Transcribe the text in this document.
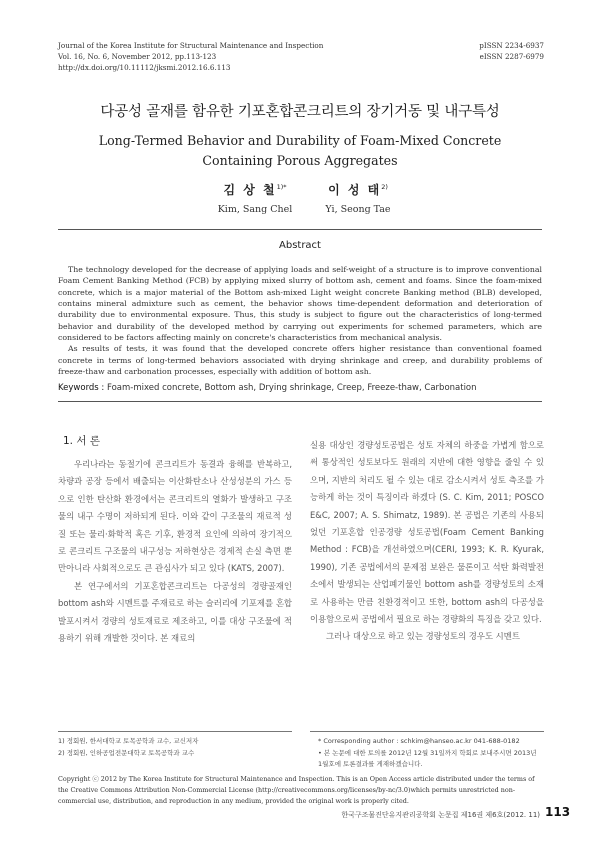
Journal of the Korea Institute for Structural Maintenance and Inspection
Vol. 16, No. 6, November 2012, pp.113-123
http://dx.doi.org/10.11112/jksmi.2012.16.6.113
pISSN 2234-6937
eISSN 2287-6979
다공성 골재를 함유한 기포혼합콘크리트의 장기거동 및 내구특성
Long-Termed Behavior and Durability of Foam-Mixed Concrete
Containing Porous Aggregates
김 상 철$^{1)*}$
Kim, Sang Chel
이 성 태$^{2)}$
Yi, Seong Tae
Abstract
The technology developed for the decrease of applying loads and self-weight of a structure is to improve conventional Foam Cement Banking Method (FCB) by applying mixed slurry of bottom ash, cement and foams. Since the foam-mixed concrete, which is a major material of the Bottom ash-mixed Light weight concrete Banking method (BLB) developed, contains mineral admixture such as cement, the behavior shows time-dependent deformation and deterioration of durability due to environmental exposure. Thus, this study is subject to figure out the characteristics of long-termed behavior and durability of the developed method by carrying out experiments for schemed parameters, which are considered to be factors affecting mainly on concrete's characteristics from mechanical analysis.
As results of tests, it was found that the developed concrete offers higher resistance than conventional foamed concrete in terms of long-termed behaviors associated with drying shrinkage and creep, and durability problems of freeze-thaw and carbonation processes, especially with addition of bottom ash.
Keywords : Foam-mixed concrete, Bottom ash, Drying shrinkage, Creep, Freeze-thaw, Carbonation
1. 서 론

우리나라는 동절기에 콘크리트가 동결과 융해를 반복하고, 차량과 공장 등에서 배출되는 이산화탄소나 산성성분의 가스 등으로 인한 탄산화 환경에서는 콘크리트의 열화가 발생하고 구조물의 내구 수명이 저하되게 된다. 이와 같이 구조물의 재료적 성질 또는 물리·화학적 혹은 기후, 환경적 요인에 의하여 장기적으로 콘크리트 구조물의 내구성능 저하현상은 경제적 손실 측면 뿐 만아니라 사회적으로도 큰 관심사가 되고 있다 (KATS, 2007).

본 연구에서의 기포혼합콘크리트는 다공성의 경량골재인 bottom ash와 시멘트를 주재료로 하는 슬러리에 기포제를 혼합 발포시켜서 경량의 성토재료로 제조하고, 이를 대상 구조물에 적용하기 위해 개발한 것이다. 본 재료의

실용 대상인 경량성토공법은 성토 자체의 하중을 가볍게 함으로써 통상적인 성토보다도 원래의 지반에 대한 영향을 줄일 수 있으며, 지반의 처리도 될 수 있는 대로 감소시켜서 성토 측조를 가능하게 하는 것이 특징이라 하겠다 (S. C. Kim, 2011; POSCO E&C, 2007; A. S. Shimatz, 1989). 본 공법은 기존의 사용되었던 기포혼합 인공경량 성토공법(Foam Cement Banking Method : FCB)을 개선하였으며(CERI, 1993; K. R. Kyurak, 1990), 기존 공법에서의 문제점 보완은 물론이고 석탄 화력발전소에서 발생되는 산업폐기물인 bottom ash를 경량성토의 소재로 사용하는 만큼 친환경적이고 또한, bottom ash의 다공성을 이용함으로써 공법에서 필요로 하는 경량화의 특징을 갖고 있다.

그러나 대상으로 하고 있는 경량성토의 경우도 시멘트

1) 정회원, 한서대학교 토목공학과 교수, 교신저자
2) 정회원, 인하공업전문대학교 토목공학과 교수
* Corresponding author : schkim@hanseo.ac.kr 041-688-0182
• 본 논문에 대한 토의를 2012년 12월 31일까지 학회로 보내주시면 2013년
1월호에 토론결과를 게재하겠습니다.
Copyright ⓒ 2012 by The Korea Institute for Structural Maintenance and Inspection. This is an Open Access article distributed under the terms of the Creative Commons Attribution Non-Commercial License (http://creativecommons.org/licenses/by-nc/3.0)which permits unrestricted non-commercial use, distribution, and reproduction in any medium, provided the original work is properly cited.
한국구조물진단유지관리공학회 논문집 제16권 제6호(2012. 11) 113
